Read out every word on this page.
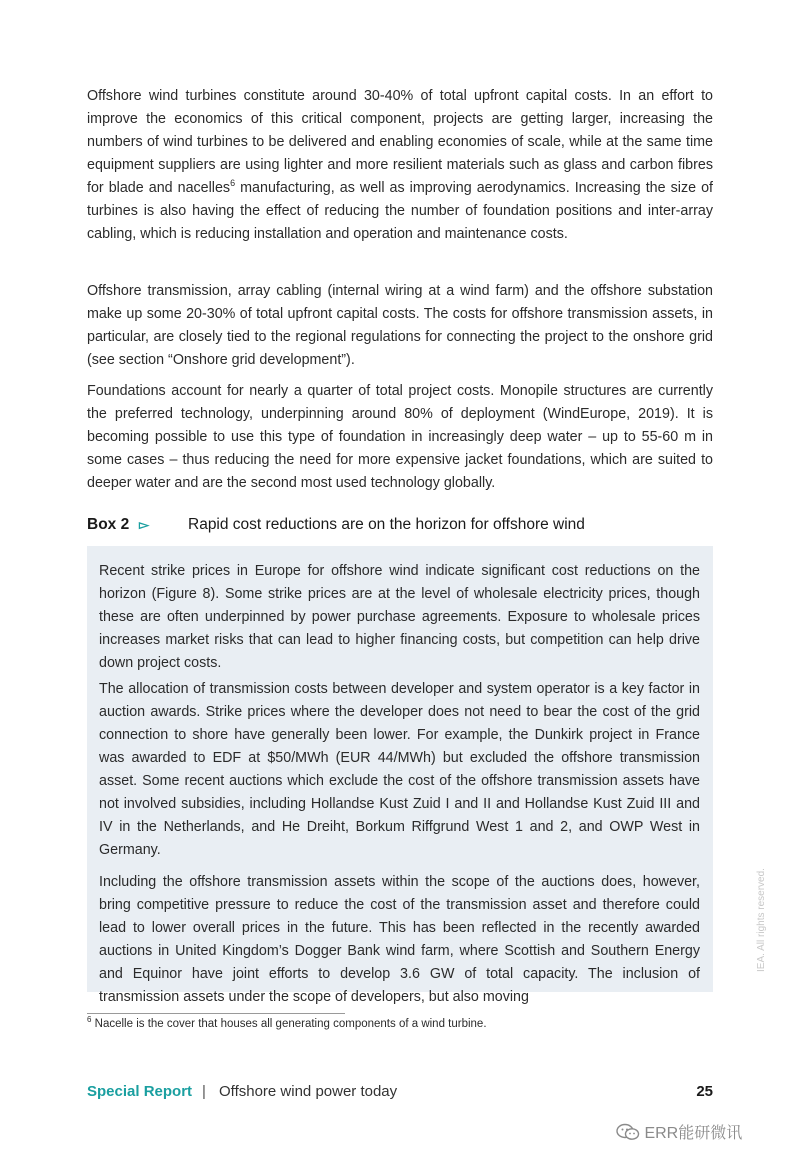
Offshore wind turbines constitute around 30-40% of total upfront capital costs. In an effort to improve the economics of this critical component, projects are getting larger, increasing the numbers of wind turbines to be delivered and enabling economies of scale, while at the same time equipment suppliers are using lighter and more resilient materials such as glass and carbon fibres for blade and nacelles$^6$ manufacturing, as well as improving aerodynamics. Increasing the size of turbines is also having the effect of reducing the number of foundation positions and inter-array cabling, which is reducing installation and operation and maintenance costs.

Offshore transmission, array cabling (internal wiring at a wind farm) and the offshore substation make up some 20-30% of total upfront capital costs. The costs for offshore transmission assets, in particular, are closely tied to the regional regulations for connecting the project to the onshore grid (see section “Onshore grid development”).

Foundations account for nearly a quarter of total project costs. Monopile structures are currently the preferred technology, underpinning around 80% of deployment (WindEurope, 2019). It is becoming possible to use this type of foundation in increasingly deep water – up to 55-60 m in some cases – thus reducing the need for more expensive jacket foundations, which are suited to deeper water and are the second most used technology globally.

Box 2 ▻	Rapid cost reductions are on the horizon for offshore wind

Recent strike prices in Europe for offshore wind indicate significant cost reductions on the horizon (Figure 8). Some strike prices are at the level of wholesale electricity prices, though these are often underpinned by power purchase agreements. Exposure to wholesale prices increases market risks that can lead to higher financing costs, but competition can help drive down project costs.

The allocation of transmission costs between developer and system operator is a key factor in auction awards. Strike prices where the developer does not need to bear the cost of the grid connection to shore have generally been lower. For example, the Dunkirk project in France was awarded to EDF at $50/MWh (EUR 44/MWh) but excluded the offshore transmission asset. Some recent auctions which exclude the cost of the offshore transmission assets have not involved subsidies, including Hollandse Kust Zuid I and II and Hollandse Kust Zuid III and IV in the Netherlands, and He Dreiht, Borkum Riffgrund West 1 and 2, and OWP West in Germany.

Including the offshore transmission assets within the scope of the auctions does, however, bring competitive pressure to reduce the cost of the transmission asset and therefore could lead to lower overall prices in the future. This has been reflected in the recently awarded auctions in United Kingdom’s Dogger Bank wind farm, where Scottish and Southern Energy and Equinor have joint efforts to develop 3.6 GW of total capacity. The inclusion of transmission assets under the scope of developers, but also moving

$^6$ Nacelle is the cover that houses all generating components of a wind turbine.
Special Report | Offshore wind power today	25
IEA. All rights reserved.
ERR能研微讯
